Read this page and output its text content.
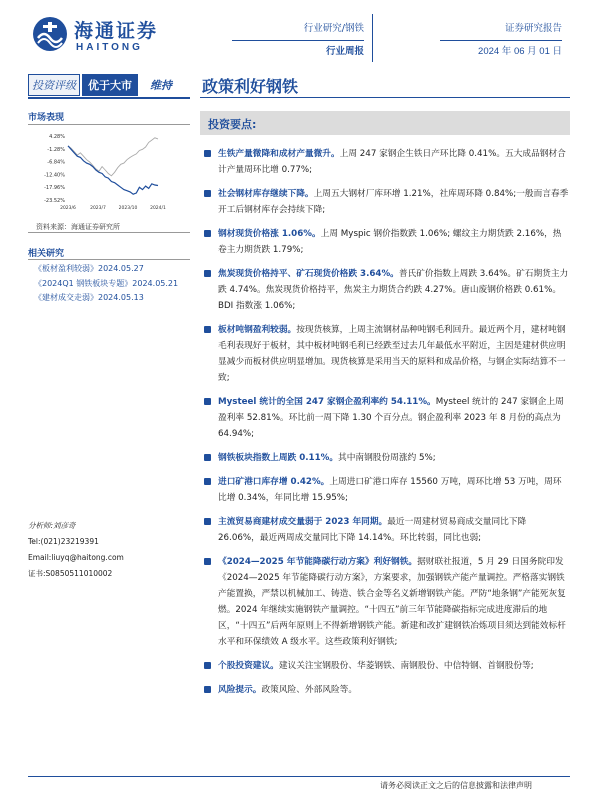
海通证券
HAITONG
行业研究/钢铁
行业周报
证券研究报告
2024 年 06 月 01 日
投资评级	优于大市	维持 政策利好钢铁
市场表现
4.28%
-1.28%
-6.84%
-12.40%
-17.96%
-23.52%
2023/6	2023/7	2023/10	2024/1
资料来源：海通证券研究所
相关研究
《板材盈利较弱》2024.05.27
《2024Q1 钢铁板块专题》2024.05.21
《建材成交走弱》2024.05.13
分析师:刘彦奇
Tel:(021)23219391
Email:liuyq@haitong.com
证书:S0850511010002
投资要点:
生铁产量微降和成材产量微升。上周 247 家钢企生铁日产环比降 0.41%。五大成品钢材合计产量周环比增 0.77%;
社会钢材库存继续下降。上周五大钢材厂库环增 1.21%，社库周环降 0.84%;一般而言春季开工后钢材库存会持续下降;
钢材现货价格涨 1.06%。上周 Myspic 钢价指数跌 1.06%; 螺纹主力期货跌 2.16%，热卷主力期货跌 1.79%;
焦炭现货价格持平、矿石现货价格跌 3.64%。普氏矿价指数上周跌 3.64%。矿石期货主力跌 4.74%。焦炭现货价格持平，焦炭主力期货合约跌 4.27%。唐山废钢价格跌 0.61%。BDI 指数涨 1.06%;
板材吨钢盈利较弱。按现货核算，上周主流钢材品种吨钢毛利回升。最近两个月，建材吨钢毛利表现好于板材，其中板材吨钢毛利已经跌至过去几年最低水平附近，主因是建材供应明显减少而板材供应明显增加。现货核算是采用当天的原料和成品价格，与钢企实际结算不一致;
Mysteel 统计的全国 247 家钢企盈利率约 54.11%。Mysteel 统计的 247 家钢企上周盈利率 52.81%。环比前一周下降 1.30 个百分点。钢企盈利率 2023 年 8 月份的高点为 64.94%;
钢铁板块指数上周跌 0.11%。其中南钢股份周涨约 5%;
进口矿港口库存增 0.42%。上周进口矿港口库存 15560 万吨，周环比增 53 万吨，周环比增 0.34%，年同比增 15.95%;
主流贸易商建材成交量弱于 2023 年同期。最近一周建材贸易商成交量同比下降 26.06%，最近两周成交量同比下降 14.14%。环比转弱，同比也弱;
《2024—2025 年节能降碳行动方案》利好钢铁。据财联社报道，5 月 29 日国务院印发《2024—2025 年节能降碳行动方案》，方案要求，加强钢铁产能产量调控。严格落实钢铁产能置换，严禁以机械加工、铸造、铁合金等名义新增钢铁产能。严防“地条钢”产能死灰复燃。2024 年继续实施钢铁产量调控。“十四五”前三年节能降碳指标完成进度滞后的地区，“十四五”后两年原则上不得新增钢铁产能。新建和改扩建钢铁冶炼项目须达到能效标杆水平和环保绩效 A 级水平。这些政策利好钢铁;
个股投资建议。建议关注宝钢股份、华菱钢铁、南钢股份、中信特钢、首钢股份等;
风险提示。政策风险、外部风险等。
请务必阅读正文之后的信息披露和法律声明
